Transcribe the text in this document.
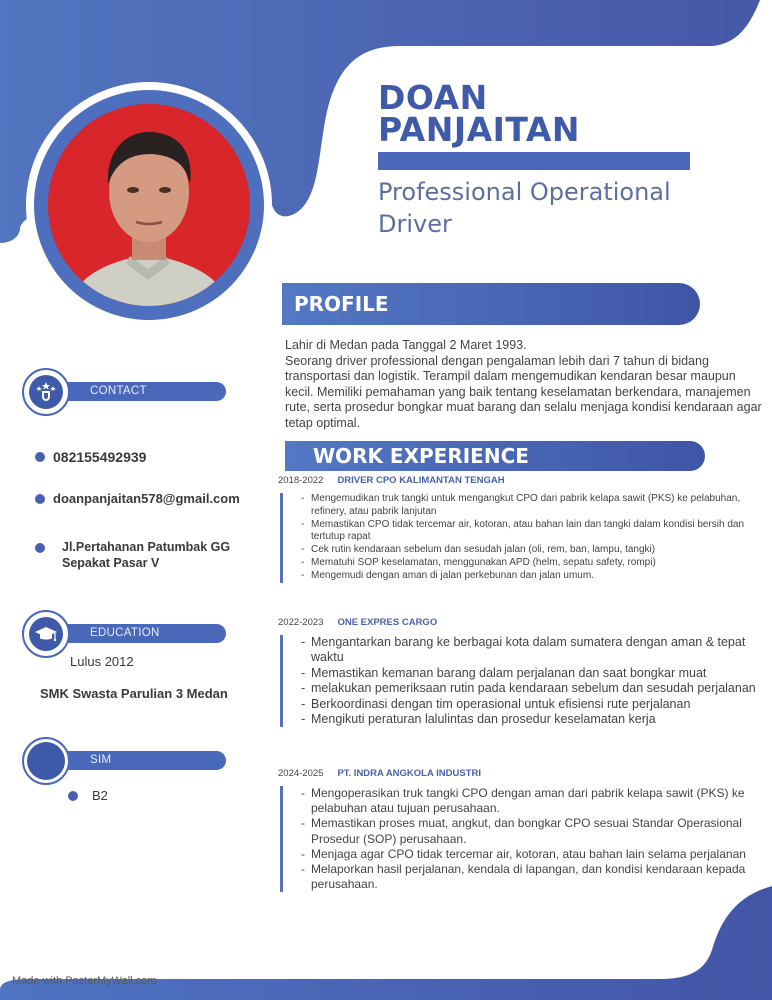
DOAN
PANJAITAN
Professional Operational
Driver
PROFILE

Lahir di Medan pada Tanggal 2 Maret 1993.

Seorang driver professional dengan pengalaman lebih dari 7 tahun di bidang transportasi dan logistik. Terampil dalam mengemudikan kendaran besar maupun kecil. Memiliki pemahaman yang baik tentang keselamatan berkendara, manajemen rute, serta prosedur bongkar muat barang dan selalu menjaga kondisi kendaraan agar tetap optimal.

CONTACT
082155492939
doanpanjaitan578@gmail.com
Jl.Pertahanan Patumbak GG
Sepakat Pasar V
EDUCATION
Lulus 2012
SMK Swasta Parulian 3 Medan
SIM
B2
WORK EXPERIENCE
2018-2022 DRIVER CPO KALIMANTAN TENGAH
- Mengemudikan truk tangki untuk mengangkut CPO dari pabrik kelapa sawit (PKS) ke pelabuhan, refinery, atau pabrik lanjutan
- Memastikan CPO tidak tercemar air, kotoran, atau bahan lain dan tangki dalam kondisi bersih dan tertutup rapat
- Cek rutin kendaraan sebelum dan sesudah jalan (oli, rem, ban, lampu, tangki)
- Mematuhi SOP keselamatan, menggunakan APD (helm, sepatu safety, rompi)
- Mengemudi dengan aman di jalan perkebunan dan jalan umum.
2022-2023 ONE EXPRES CARGO
- Mengantarkan barang ke berbagai kota dalam sumatera dengan aman & tepat waktu
- Memastikan kemanan barang dalam perjalanan dan saat bongkar muat
- melakukan pemeriksaan rutin pada kendaraan sebelum dan sesudah perjalanan
- Berkoordinasi dengan tim operasional untuk efisiensi rute perjalanan
- Mengikuti peraturan lalulintas dan prosedur keselamatan kerja
2024-2025 PT. INDRA ANGKOLA INDUSTRI
- Mengoperasikan truk tangki CPO dengan aman dari pabrik kelapa sawit (PKS) ke pelabuhan atau tujuan perusahaan.
- Memastikan proses muat, angkut, dan bongkar CPO sesuai Standar Operasional Prosedur (SOP) perusahaan.
- Menjaga agar CPO tidak tercemar air, kotoran, atau bahan lain selama perjalanan
- Melaporkan hasil perjalanan, kendala di lapangan, dan kondisi kendaraan kepada perusahaan.
Made with PosterMyWall.com
